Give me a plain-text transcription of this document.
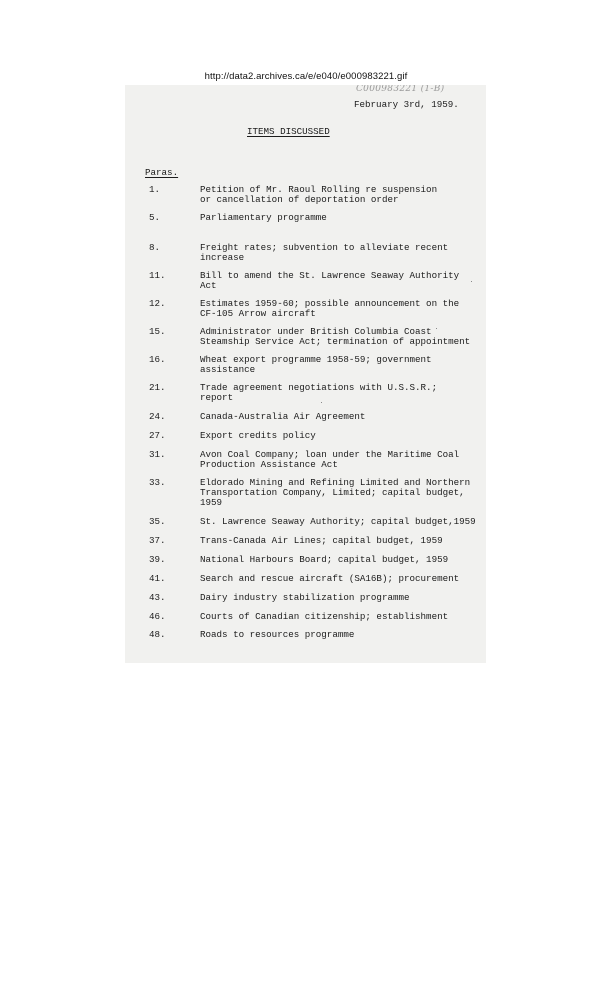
http://data2.archives.ca/e/e040/e000983221.gif
C000983221 (1-B)
February 3rd, 1959.
ITEMS DISCUSSED
Paras.
1.	Petition of Mr. Raoul Rolling re suspension
or cancellation of deportation order
5.	Parliamentary programme
8.	Freight rates; subvention to alleviate recent
increase
11.	Bill to amend the St. Lawrence Seaway Authority
Act
12.	Estimates 1959-60; possible announcement on the
CF-105 Arrow aircraft
15.	Administrator under British Columbia Coast
Steamship Service Act; termination of appointment
16.	Wheat export programme 1958-59; government
assistance
21.	Trade agreement negotiations with U.S.S.R.;
report
24.	Canada-Australia Air Agreement
27.	Export credits policy
31.	Avon Coal Company; loan under the Maritime Coal
Production Assistance Act
33.	Eldorado Mining and Refining Limited and Northern
Transportation Company, Limited; capital budget,
1959
35.	St. Lawrence Seaway Authority; capital budget,1959
37.	Trans-Canada Air Lines; capital budget, 1959
39.	National Harbours Board; capital budget, 1959
41.	Search and rescue aircraft (SA16B); procurement
43.	Dairy industry stabilization programme
46.	Courts of Canadian citizenship; establishment
48.	Roads to resources programme
